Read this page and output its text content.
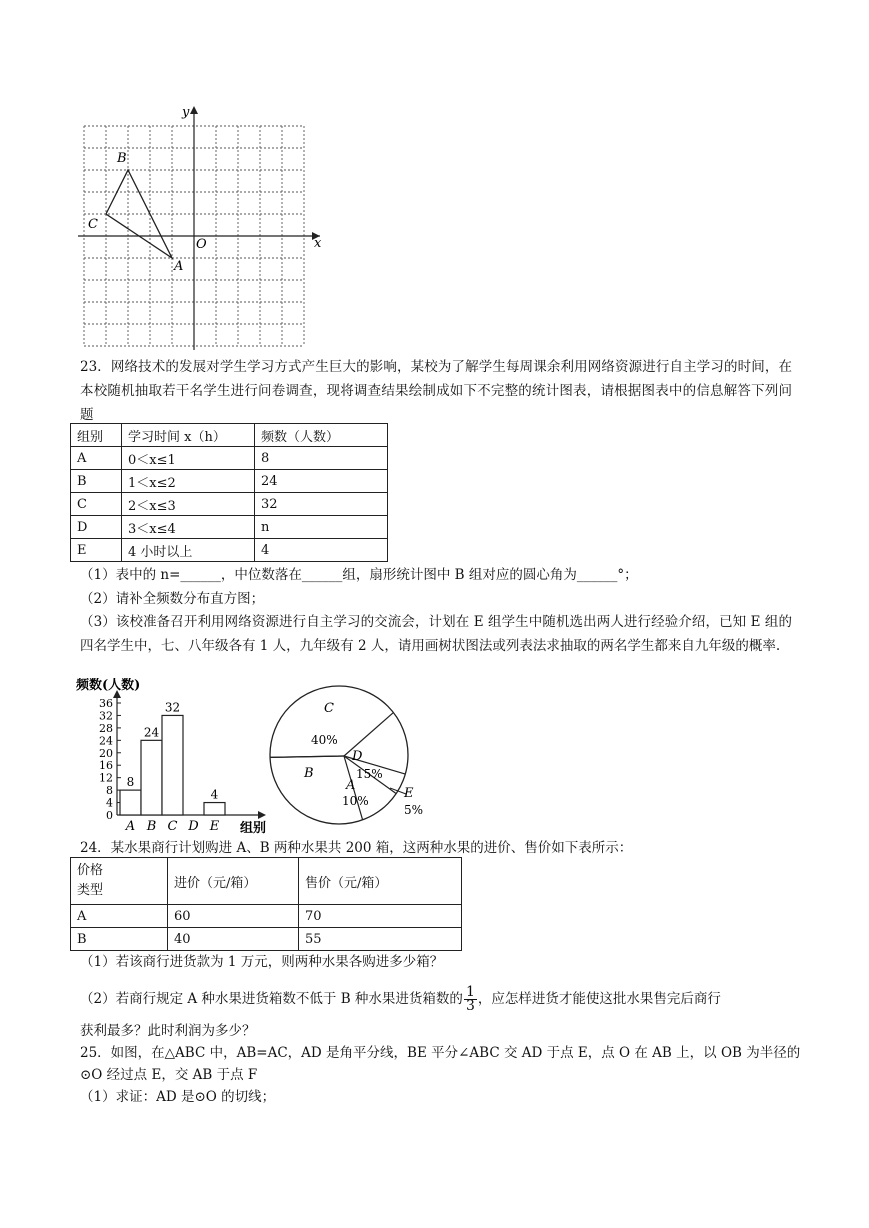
x
y
O
A
B
C
23．网络技术的发展对学生学习方式产生巨大的影响，某校为了解学生每周课余利用网络资源进行自主学习的时间，在本校随机抽取若干名学生进行问卷调查，现将调查结果绘制成如下不完整的统计图表，请根据图表中的信息解答下列问题
组别	学习时间 x（h）	频数（人数）
A	0＜x≤1	8
B	1＜x≤2	24
C	2＜x≤3	32
D	3＜x≤4	n
E	4 小时以上	4
（1）表中的 n=______，中位数落在______组，扇形统计图中 B 组对应的圆心角为______°；
（2）请补全频数分布直方图；
（3）该校准备召开利用网络资源进行自主学习的交流会，计划在 E 组学生中随机选出两人进行经验介绍，已知 E 组的四名学生中，七、八年级各有 1 人，九年级有 2 人，请用画树状图法或列表法求抽取的两名学生都来自九年级的概率.
频数(人数)
组别
0
4
8
12
16
20
24
28
32
36
8
A
24
B
32
C D
4
E
C
40%
D
15%
E
5%
A
10%
B
24．某水果商行计划购进 A、B 两种水果共 200 箱，这两种水果的进价、售价如下表所示：
价格
类型	进价（元/箱）	售价（元/箱）
A	60	70
B	40	55
（1）若该商行进货款为 1 万元，则两种水果各购进多少箱？
（2）若商行规定 A 种水果进货箱数不低于 B 种水果进货箱数的 $\frac{1}{3}$ ，应怎样进货才能使这批水果售完后商行
获利最多？此时利润为多少？
25．如图，在△ABC 中，AB=AC，AD 是角平分线，BE 平分∠ABC 交 AD 于点 E，点 O 在 AB 上，以 OB 为半径的
⊙O 经过点 E，交 AB 于点 F
（1）求证：AD 是⊙O 的切线；
